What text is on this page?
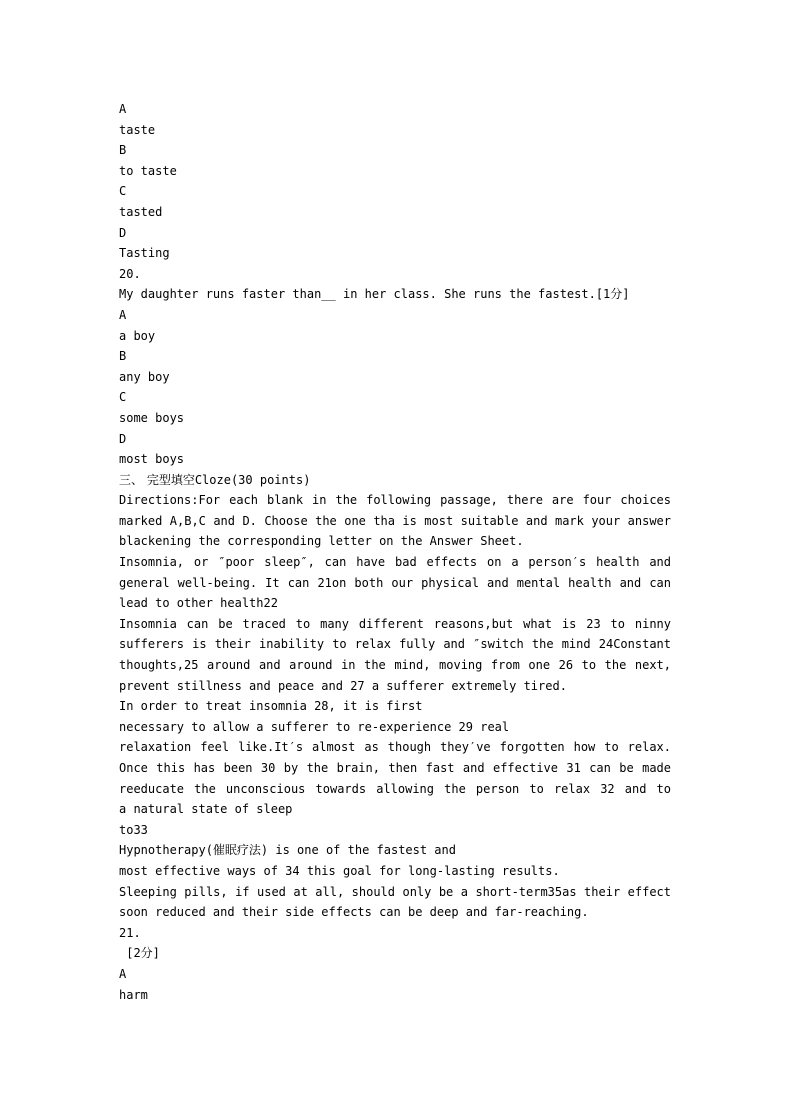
A
taste
B
to taste
C
tasted
D
Tasting
20.
My daughter runs faster than__ in her class. She runs the fastest.[1分]
A
a boy
B
any boy
C
some boys
D
most boys
三、 完型填空Cloze(30 points)
Directions:For each blank in the following passage, there are four choices
marked A,B,C and D. Choose the one tha is most suitable and mark your answer
blackening the corresponding letter on the Answer Sheet.
Insomnia, or ″poor sleep″, can have bad effects on a person′s health and
general well-being. It can 21on both our physical and mental health and can
lead to other health22
Insomnia can be traced to many different reasons,but what is 23 to ninny
sufferers is their inability to relax fully and ″switch the mind 24Constant
thoughts,25 around and around in the mind, moving from one 26 to the next,
prevent stillness and peace and 27 a sufferer extremely tired.
In order to treat insomnia 28, it is first
necessary to allow a sufferer to re-experience 29 real
relaxation feel like.It′s almost as though they′ve forgotten how to relax.
Once this has been 30 by the brain, then fast and effective 31 can be made
reeducate the unconscious towards allowing the person to relax 32 and to
a natural state of sleep
to33
Hypnotherapy(催眠疗法) is one of the fastest and
most effective ways of 34 this goal for long-lasting results.
Sleeping pills, if used at all, should only be a short-term35as their effect
soon reduced and their side effects can be deep and far-reaching.
21.
[2分]
A
harm
